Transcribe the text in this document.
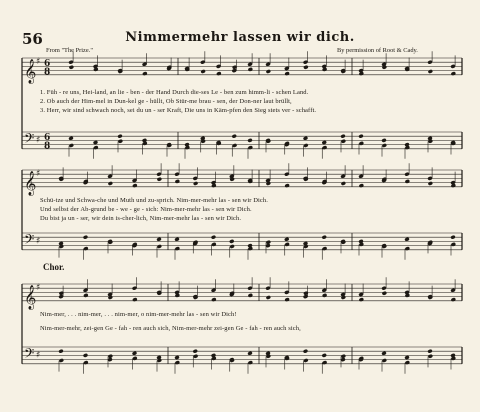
56	Nimmermehr lassen wir dich.
From "The Prize."	By permission of Root & Cady.
𝄞 ♯ 6
8
𝄢 ♯ 6
8
𝄞 ♯
𝄢 ♯
𝄞 ♯
𝄢 ♯
1. Füh - re uns, Hei-land, an lie - ben - der Hand Durch die-ses Le - ben zum himm-li - schen Land.
2. Ob auch der Him-mel in Dun-kel ge - hüllt, Ob Stür-me brau - sen, der Don-ner laut brüllt,
3. Herr, wir sind schwach noch, sei du un - ser Kraft, Die uns in Käm-pfen den Sieg stets ver - schafft.
Schü-tze und Schwa-che und Muth und zu-sprich. Nim-mer-mehr las - sen wir Dich.
Und selbst der Ab-grund be - we - ge - sich: Nim-mer-mehr las - sen wir Dich.
Du bist ja un - ser, wir dein is-cher-lich, Nim-mer-mehr las - sen wir Dich.
Chor.
Nim-mer, . . . nim-mer, . . . nim-mer, o nim-mer-mehr las - sen wir Dich!
Nim-mer-mehr, zei-gen Ge - fah - ren auch sich, Nim-mer-mehr zei-gen Ge - fah - ren auch sich,
